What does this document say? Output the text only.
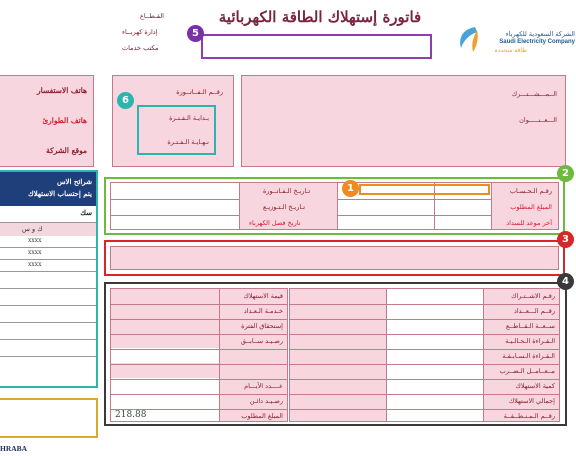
الشركة السعودية للكهرباء
Saudi Electricity Company
طاقة متجددة
فاتورة إستهلاك الطاقة الكهربائية
القـطــاع
إدارة كهربــاء
مكتب خدمات
هاتف الاستفسار
هاتف الطوارئ
موقع الشركة
رقــم الـفــاتــورة
بـدايـة الـفـتـرة
نـهـايـة الـفـتـرة
الــمـــشـــتـــرك
الـــعــنـــــوان
شرائح الاس
يتم إحتساب الاستهلاك
سك
ك و س
xxxx
xxxx
xxxx
رقـم الـحـسـاب
المبلغ المطلوب
آخر موعد للسداد
تـاريـخ الـفـاتــورة
تـاريـخ الـتـوزيـع
تاريخ فصل الكهرباء
رقـم الاشــتـراك
رقــم الـــعــداد
ســعــة الـقــاطــع
الـقـراءة الـحـالـيـة
الـقـراءة الـسـابـقـة
مــعــامــل الـضــرب
كمية الاستهلاك
إجمالي الاستهلاك
رقــم الـمـنـطــقــة
قيمة الاستهلاك
خـدمـة الـعـداد
إستحقاق الفترة
رصـيـد ســابــق
عــــدد الأيـــام
رصـيـد دائـن
المبلغ المطلوب
218.88
HRABA
1
2
3
4
5
6
